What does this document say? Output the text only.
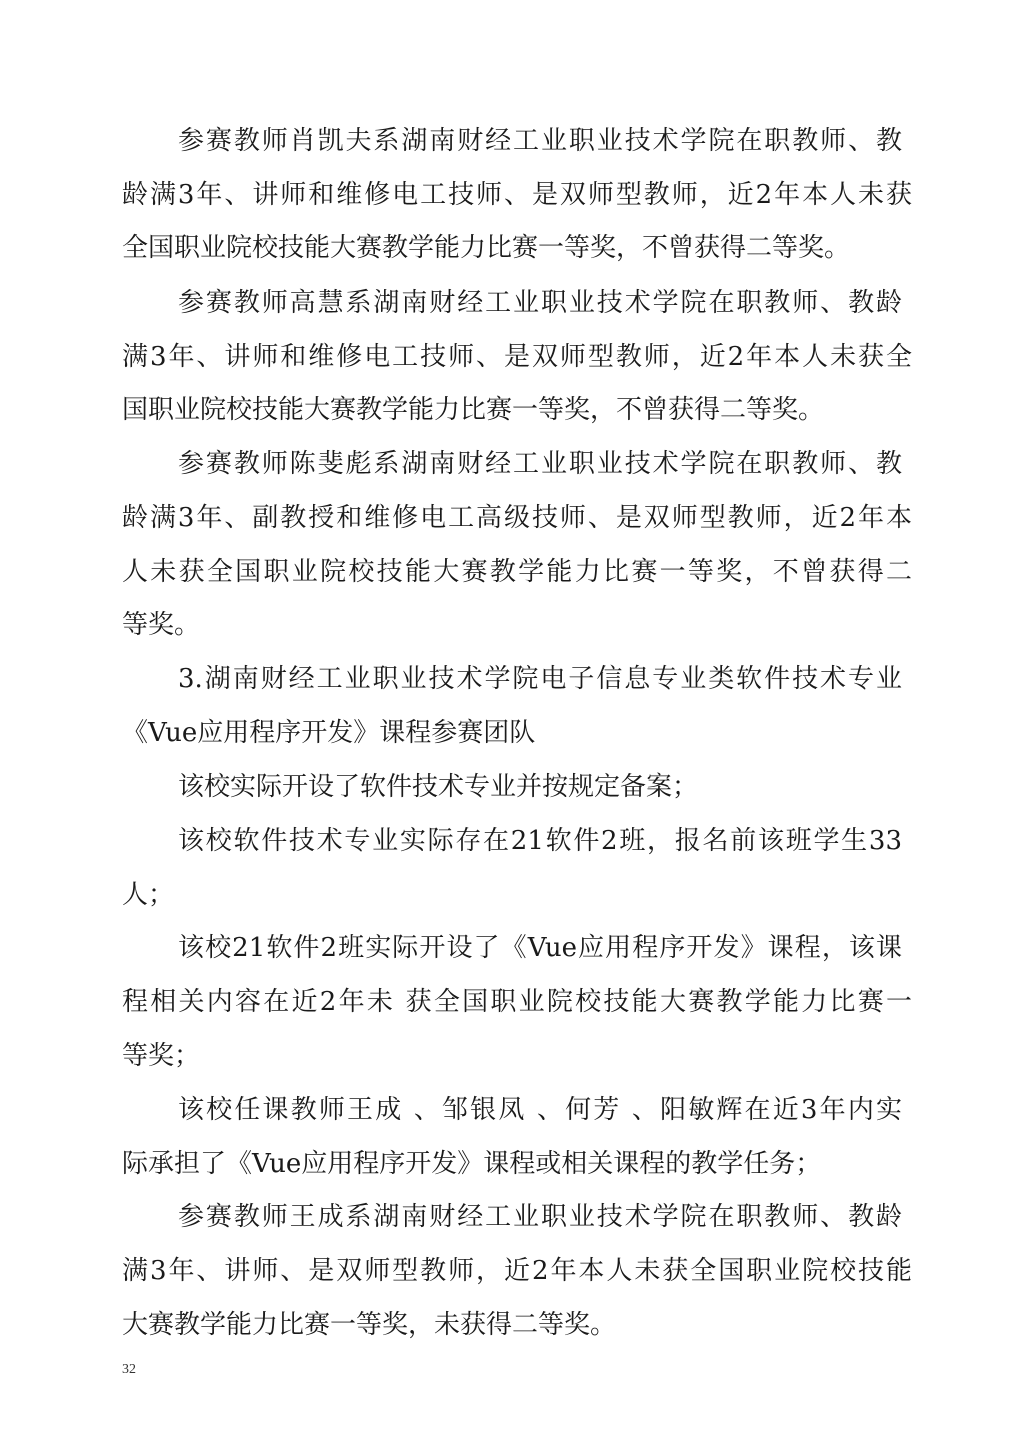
参赛教师肖凯夫系湖南财经工业职业技术学院在职教师、教
龄满3年、讲师和维修电工技师、是双师型教师，近2年本人未获
全国职业院校技能大赛教学能力比赛一等奖，不曾获得二等奖。
参赛教师高慧系湖南财经工业职业技术学院在职教师、教龄
满3年、讲师和维修电工技师、是双师型教师，近2年本人未获全
国职业院校技能大赛教学能力比赛一等奖，不曾获得二等奖。
参赛教师陈斐彪系湖南财经工业职业技术学院在职教师、教
龄满3年、副教授和维修电工高级技师、是双师型教师，近2年本
人未获全国职业院校技能大赛教学能力比赛一等奖，不曾获得二
等奖。
3.湖南财经工业职业技术学院电子信息专业类软件技术专业
《Vue应用程序开发》课程参赛团队
该校实际开设了软件技术专业并按规定备案；
该校软件技术专业实际存在21软件2班，报名前该班学生33
人；
该校21软件2班实际开设了《Vue应用程序开发》课程，该课
程相关内容在近2年未 获全国职业院校技能大赛教学能力比赛一
等奖；
该校任课教师王成 、邹银凤 、何芳 、阳敏辉在近3年内实
际承担了《Vue应用程序开发》课程或相关课程的教学任务；
参赛教师王成系湖南财经工业职业技术学院在职教师、教龄
满3年、讲师、是双师型教师，近2年本人未获全国职业院校技能
大赛教学能力比赛一等奖，未获得二等奖。
32
